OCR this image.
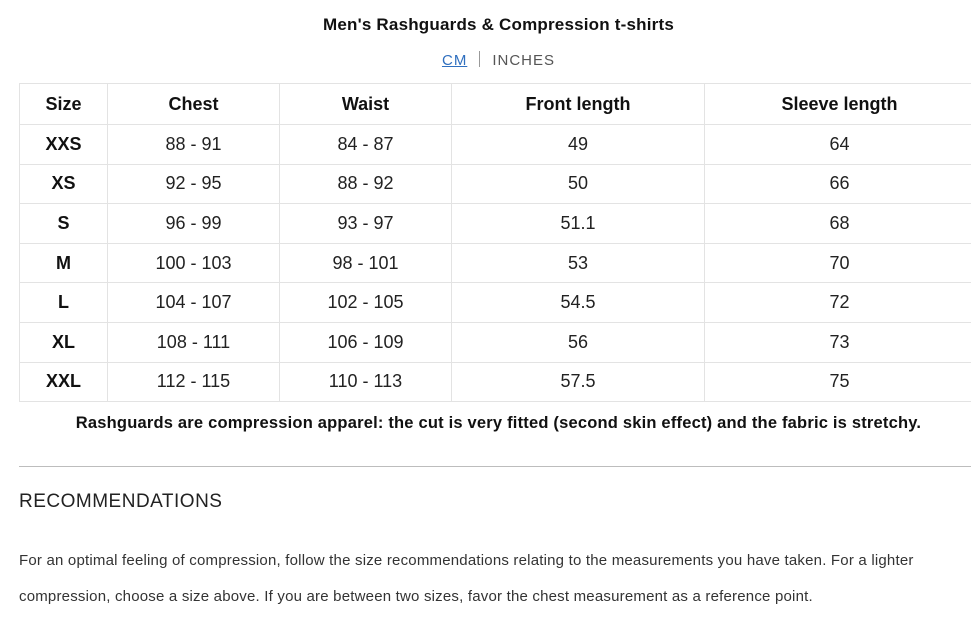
Men's Rashguards & Compression t-shirts
CM INCHES
Size	Chest	Waist	Front length	Sleeve length
XXS	88 - 91	84 - 87	49	64
XS	92 - 95	88 - 92	50	66
S	96 - 99	93 - 97	51.1	68
M	100 - 103	98 - 101	53	70
L	104 - 107	102 - 105	54.5	72
XL	108 - 111	106 - 109	56	73
XXL	112 - 115	110 - 113	57.5	75
Rashguards are compression apparel: the cut is very fitted (second skin effect) and the fabric is stretchy.
RECOMMENDATIONS
For an optimal feeling of compression, follow the size recommendations relating to the measurements you have taken. For a lighter compression, choose a size above. If you are between two sizes, favor the chest measurement as a reference point.
